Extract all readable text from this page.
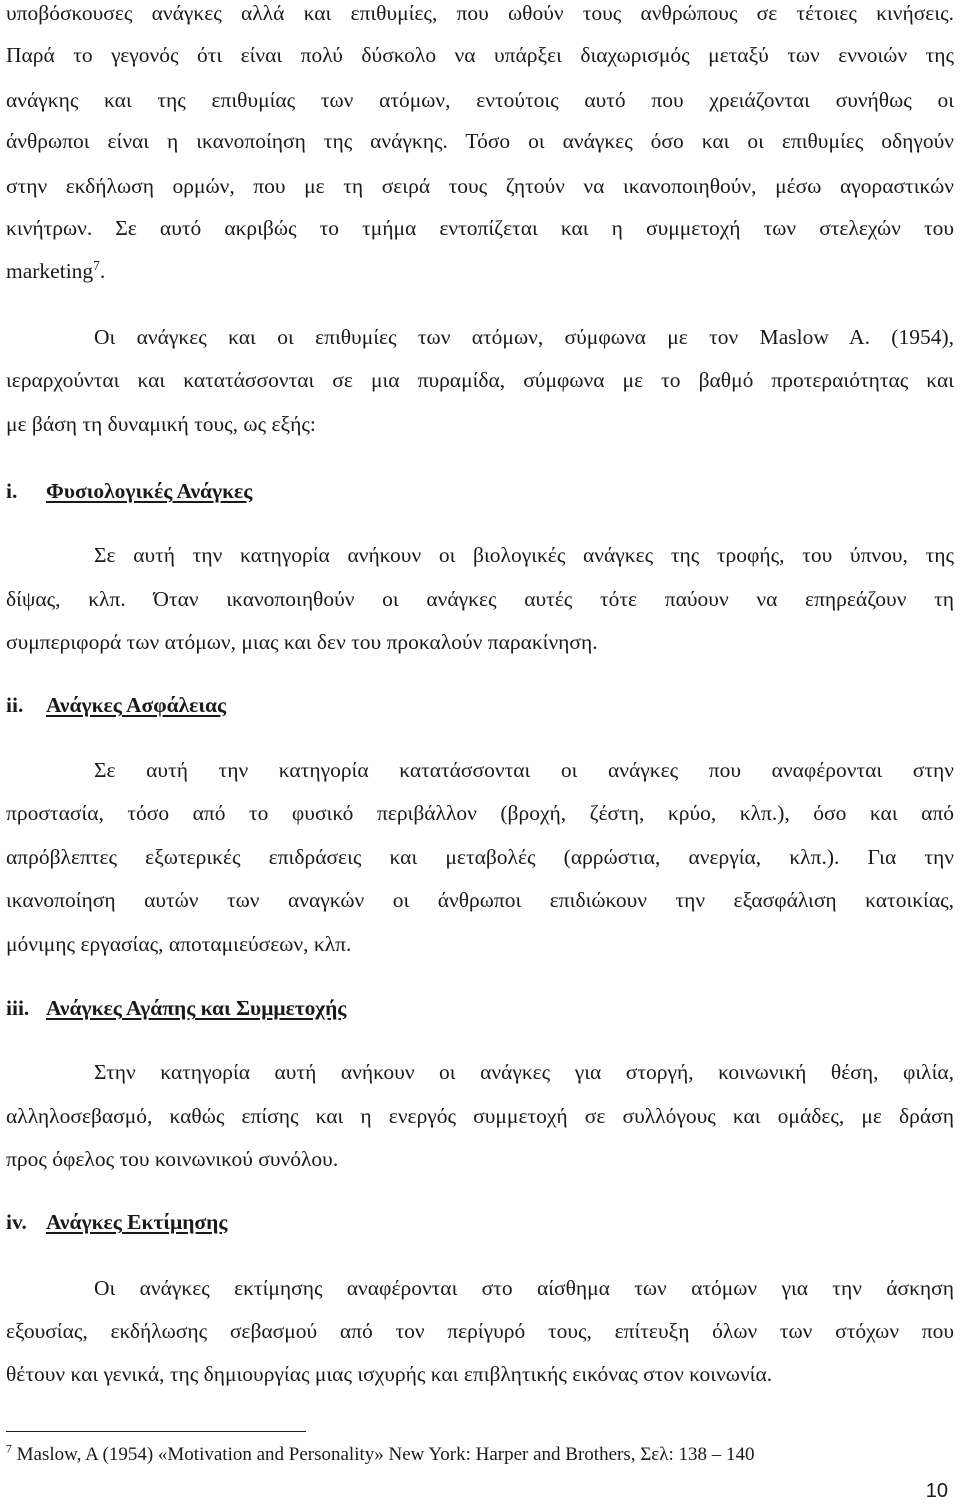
υποβόσκουσες ανάγκες αλλά και επιθυμίες, που ωθούν τους ανθρώπους σε τέτοιες κινήσεις.
Παρά το γεγονός ότι είναι πολύ δύσκολο να υπάρξει διαχωρισμός μεταξύ των εννοιών της
ανάγκης και της επιθυμίας των ατόμων, εντούτοις αυτό που χρειάζονται συνήθως οι
άνθρωποι είναι η ικανοποίηση της ανάγκης. Τόσο οι ανάγκες όσο και οι επιθυμίες οδηγούν
στην εκδήλωση ορμών, που με τη σειρά τους ζητούν να ικανοποιηθούν, μέσω αγοραστικών
κινήτρων. Σε αυτό ακριβώς το τμήμα εντοπίζεται και η συμμετοχή των στελεχών του
marketing$^7$.
Οι ανάγκες και οι επιθυμίες των ατόμων, σύμφωνα με τον Maslow A. (1954),
ιεραρχούνται και κατατάσσονται σε μια πυραμίδα, σύμφωνα με το βαθμό προτεραιότητας και
με βάση τη δυναμική τους, ως εξής:
i. Φυσιολογικές Ανάγκες
Σε αυτή την κατηγορία ανήκουν οι βιολογικές ανάγκες της τροφής, του ύπνου, της
δίψας, κλπ. Όταν ικανοποιηθούν οι ανάγκες αυτές τότε παύουν να επηρεάζουν τη
συμπεριφορά των ατόμων, μιας και δεν του προκαλούν παρακίνηση.
ii. Ανάγκες Ασφάλειας
Σε αυτή την κατηγορία κατατάσσονται οι ανάγκες που αναφέρονται στην
προστασία, τόσο από το φυσικό περιβάλλον (βροχή, ζέστη, κρύο, κλπ.), όσο και από
απρόβλεπτες εξωτερικές επιδράσεις και μεταβολές (αρρώστια, ανεργία, κλπ.). Για την
ικανοποίηση αυτών των αναγκών οι άνθρωποι επιδιώκουν την εξασφάλιση κατοικίας,
μόνιμης εργασίας, αποταμιεύσεων, κλπ.
iii. Ανάγκες Αγάπης και Συμμετοχής
Στην κατηγορία αυτή ανήκουν οι ανάγκες για στοργή, κοινωνική θέση, φιλία,
αλληλοσεβασμό, καθώς επίσης και η ενεργός συμμετοχή σε συλλόγους και ομάδες, με δράση
προς όφελος του κοινωνικού συνόλου.
iv. Ανάγκες Εκτίμησης
Οι ανάγκες εκτίμησης αναφέρονται στο αίσθημα των ατόμων για την άσκηση
εξουσίας, εκδήλωσης σεβασμού από τον περίγυρό τους, επίτευξη όλων των στόχων που
θέτουν και γενικά, της δημιουργίας μιας ισχυρής και επιβλητικής εικόνας στον κοινωνία.
$^7$ Maslow, A (1954) «Motivation and Personality» New York: Harper and Brothers, Σελ: 138 – 140
10
